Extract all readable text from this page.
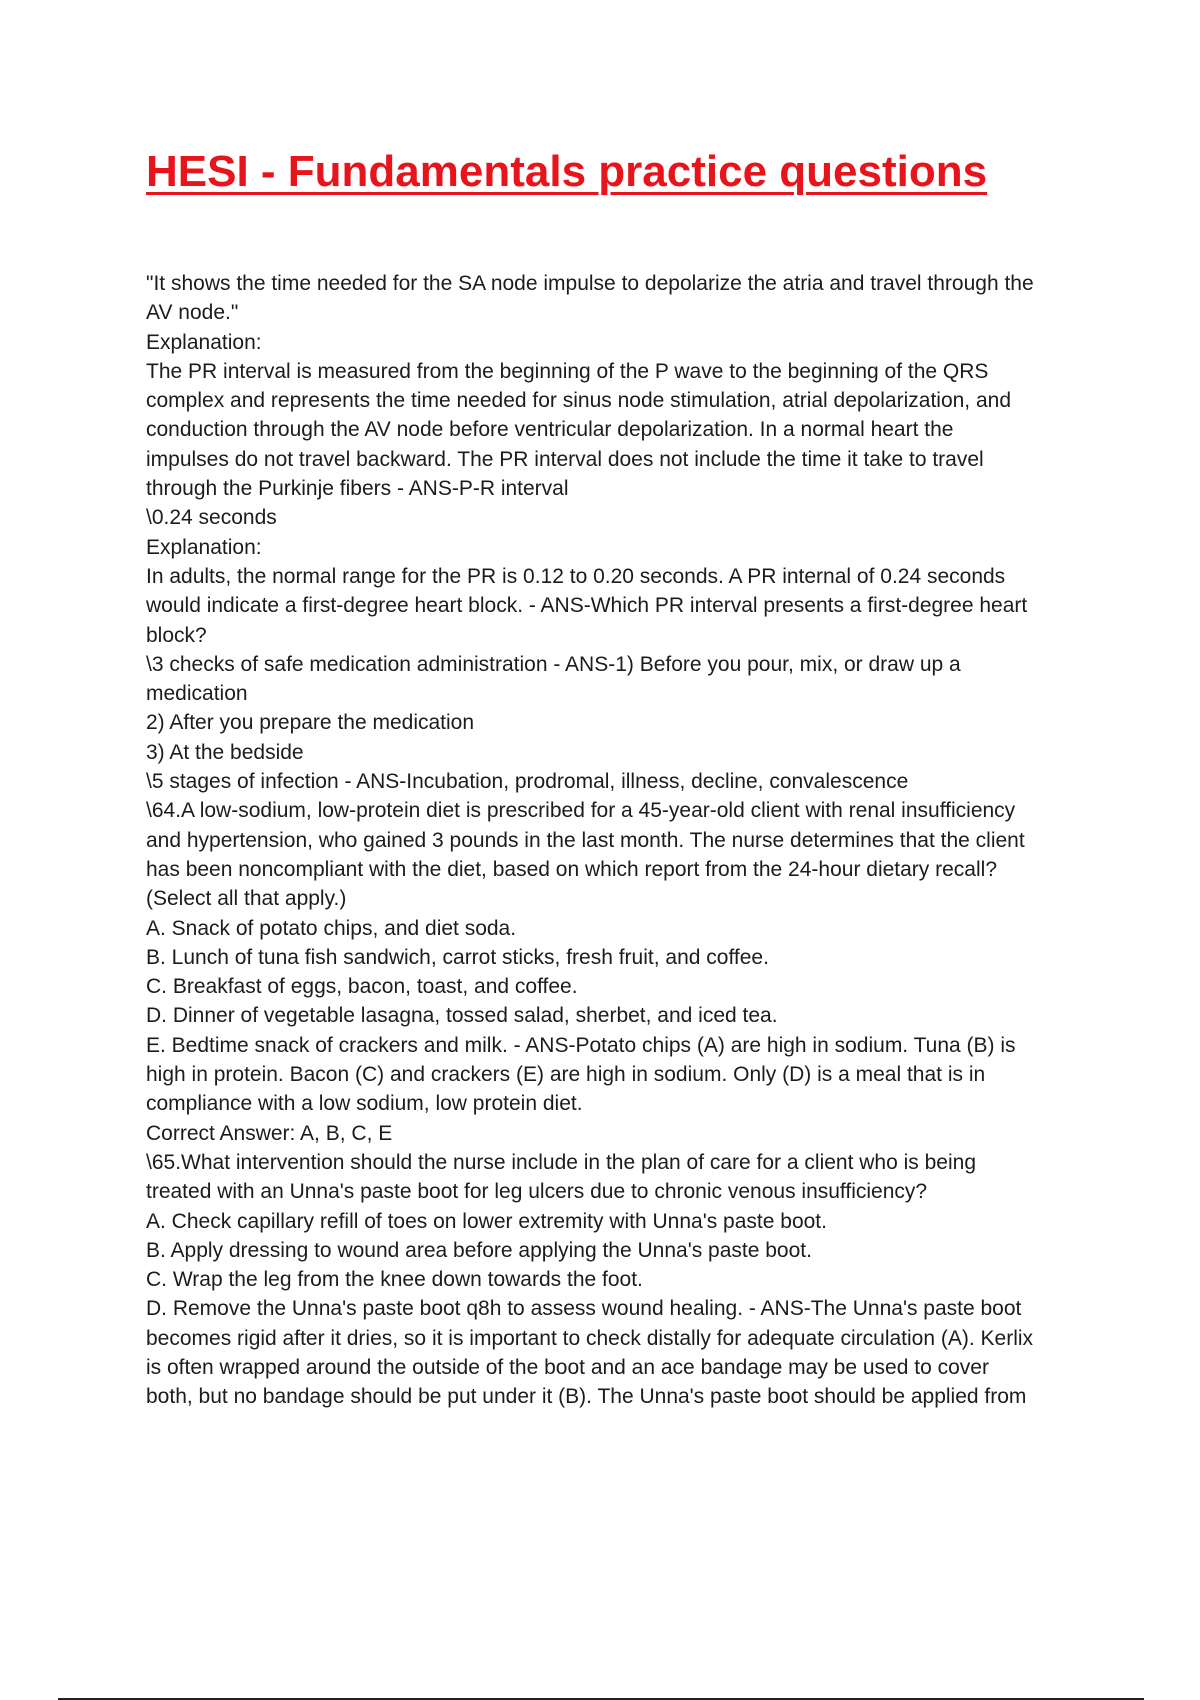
HESI - Fundamentals practice questions
"It shows the time needed for the SA node impulse to depolarize the atria and travel through the
AV node."
Explanation:
The PR interval is measured from the beginning of the P wave to the beginning of the QRS
complex and represents the time needed for sinus node stimulation, atrial depolarization, and
conduction through the AV node before ventricular depolarization. In a normal heart the
impulses do not travel backward. The PR interval does not include the time it take to travel
through the Purkinje fibers - ANS-P-R interval
\0.24 seconds
Explanation:
In adults, the normal range for the PR is 0.12 to 0.20 seconds. A PR internal of 0.24 seconds
would indicate a first-degree heart block. - ANS-Which PR interval presents a first-degree heart
block?
\3 checks of safe medication administration - ANS-1) Before you pour, mix, or draw up a
medication
2) After you prepare the medication
3) At the bedside
\5 stages of infection - ANS-Incubation, prodromal, illness, decline, convalescence
\64.A low-sodium, low-protein diet is prescribed for a 45-year-old client with renal insufficiency
and hypertension, who gained 3 pounds in the last month. The nurse determines that the client
has been noncompliant with the diet, based on which report from the 24-hour dietary recall?
(Select all that apply.)
A. Snack of potato chips, and diet soda.
B. Lunch of tuna fish sandwich, carrot sticks, fresh fruit, and coffee.
C. Breakfast of eggs, bacon, toast, and coffee.
D. Dinner of vegetable lasagna, tossed salad, sherbet, and iced tea.
E. Bedtime snack of crackers and milk. - ANS-Potato chips (A) are high in sodium. Tuna (B) is
high in protein. Bacon (C) and crackers (E) are high in sodium. Only (D) is a meal that is in
compliance with a low sodium, low protein diet.
Correct Answer: A, B, C, E
\65.What intervention should the nurse include in the plan of care for a client who is being
treated with an Unna's paste boot for leg ulcers due to chronic venous insufficiency?
A. Check capillary refill of toes on lower extremity with Unna's paste boot.
B. Apply dressing to wound area before applying the Unna's paste boot.
C. Wrap the leg from the knee down towards the foot.
D. Remove the Unna's paste boot q8h to assess wound healing. - ANS-The Unna's paste boot
becomes rigid after it dries, so it is important to check distally for adequate circulation (A). Kerlix
is often wrapped around the outside of the boot and an ace bandage may be used to cover
both, but no bandage should be put under it (B). The Unna's paste boot should be applied from
